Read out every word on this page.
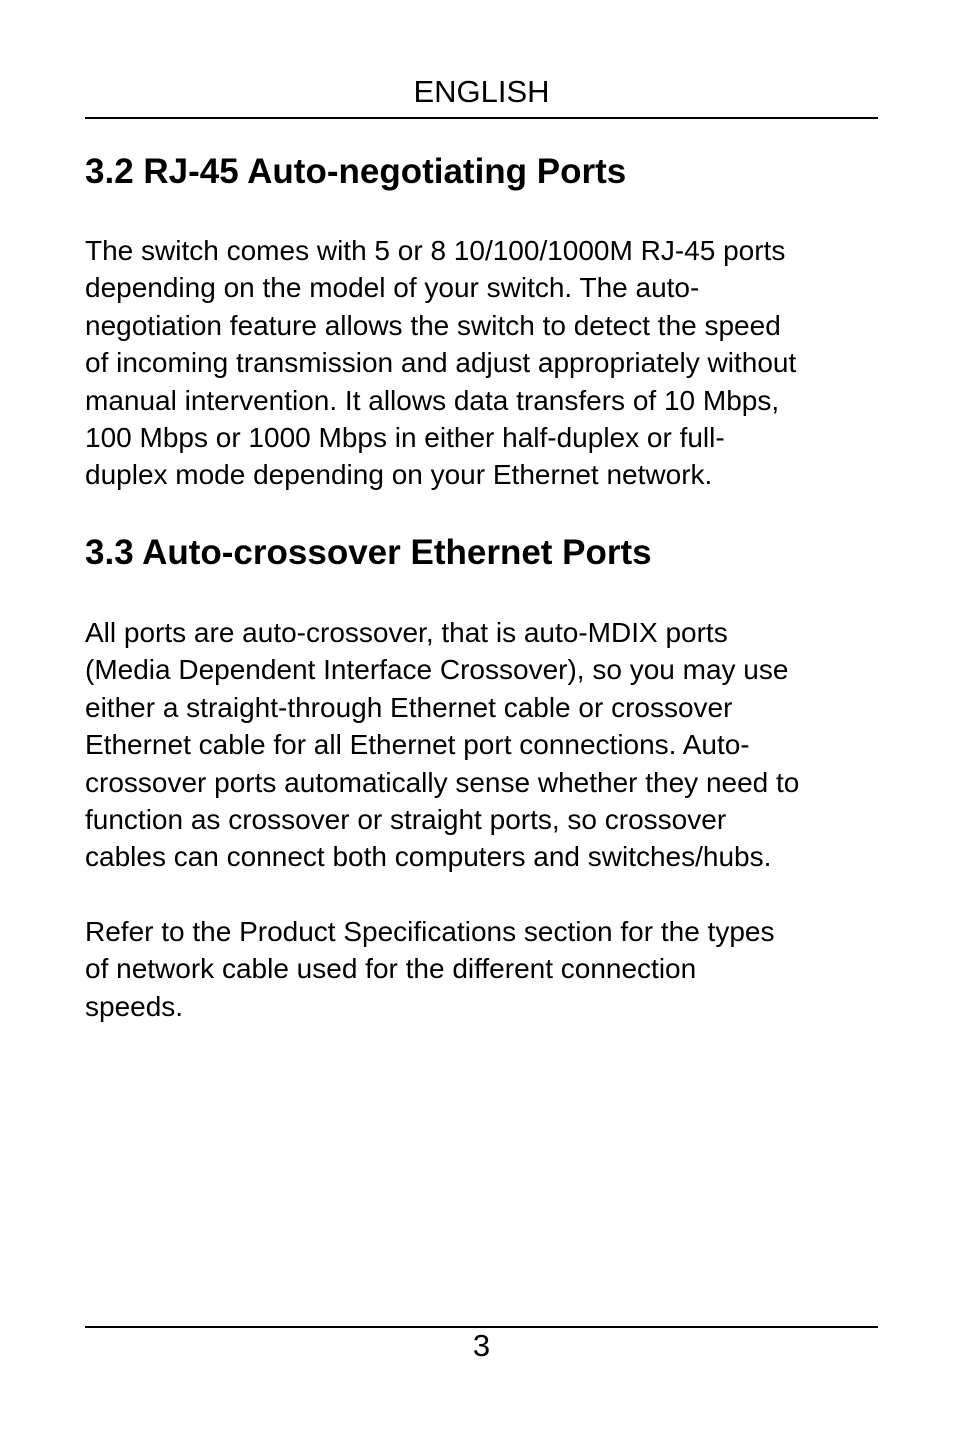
ENGLISH
3.2 RJ-45 Auto-negotiating Ports

The switch comes with 5 or 8 10/100/1000M RJ-45 ports
depending on the model of your switch. The auto-
negotiation feature allows the switch to detect the speed
of incoming transmission and adjust appropriately without
manual intervention. It allows data transfers of 10 Mbps,
100 Mbps or 1000 Mbps in either half-duplex or full-
duplex mode depending on your Ethernet network.

3.3 Auto-crossover Ethernet Ports

All ports are auto-crossover, that is auto-MDIX ports
(Media Dependent Interface Crossover), so you may use
either a straight-through Ethernet cable or crossover
Ethernet cable for all Ethernet port connections. Auto-
crossover ports automatically sense whether they need to
function as crossover or straight ports, so crossover
cables can connect both computers and switches/hubs.

Refer to the Product Specifications section for the types
of network cable used for the different connection
speeds.

3
